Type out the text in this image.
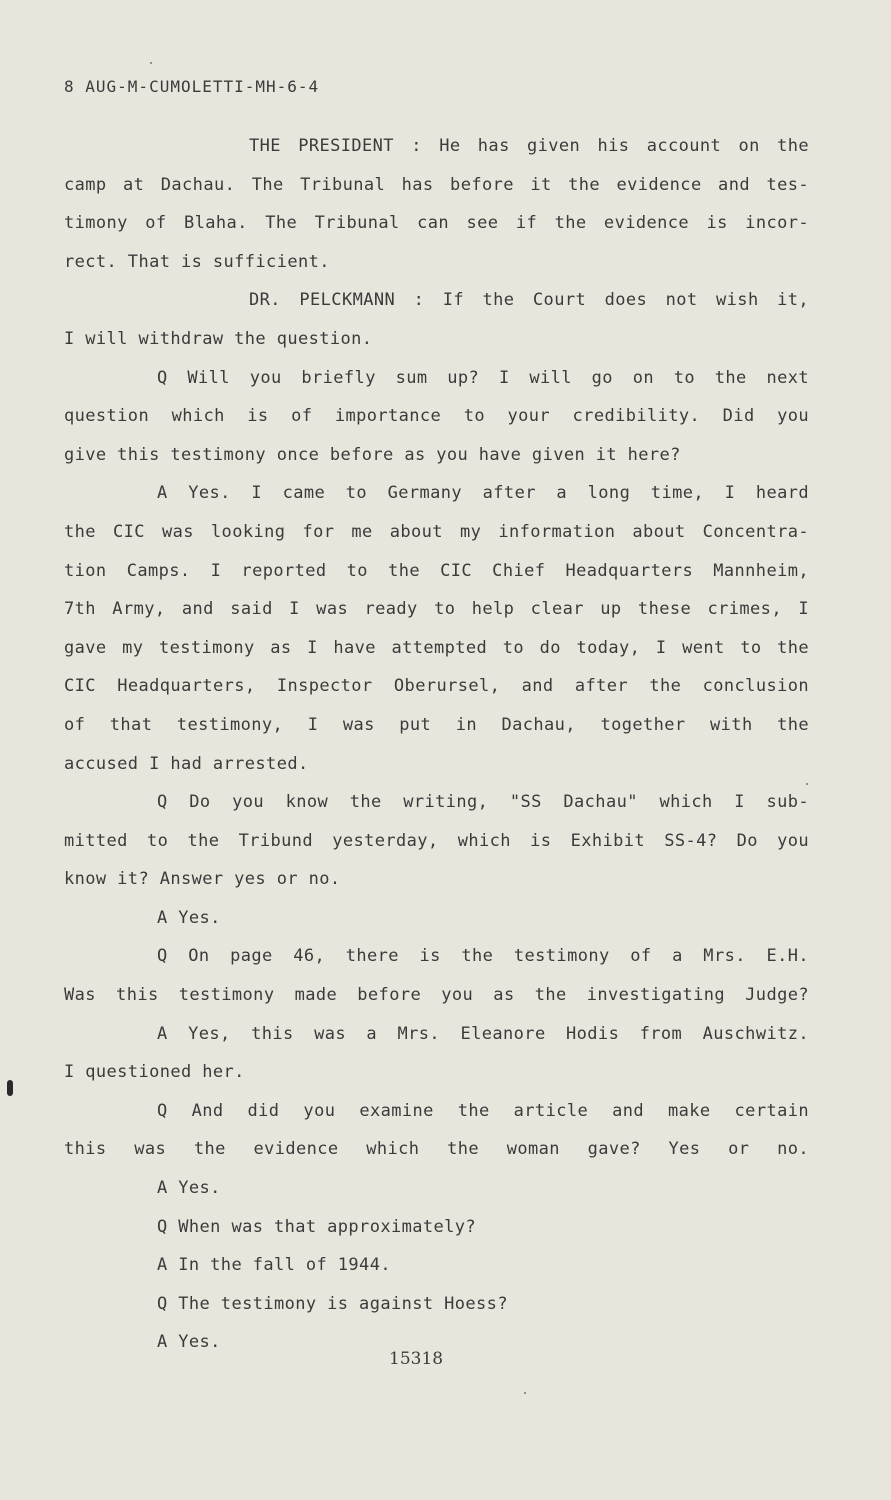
8 AUG-M-CUMOLETTI-MH-6-4
THE PRESIDENT : He has given his account on the
camp at Dachau. The Tribunal has before it the evidence and tes-
timony of Blaha. The Tribunal can see if the evidence is incor-
rect. That is sufficient.
DR. PELCKMANN : If the Court does not wish it,
I will withdraw the question.
Q Will you briefly sum up? I will go on to the next
question which is of importance to your credibility. Did you
give this testimony once before as you have given it here?
A Yes. I came to Germany after a long time, I heard
the CIC was looking for me about my information about Concentra-
tion Camps. I reported to the CIC Chief Headquarters Mannheim,
7th Army, and said I was ready to help clear up these crimes, I
gave my testimony as I have attempted to do today, I went to the
CIC Headquarters, Inspector Oberursel, and after the conclusion
of that testimony, I was put in Dachau, together with the
accused I had arrested.
Q Do you know the writing, "SS Dachau" which I sub-
mitted to the Tribund yesterday, which is Exhibit SS-4? Do you
know it? Answer yes or no.
A Yes.
Q On page 46, there is the testimony of a Mrs. E.H.
Was this testimony made before you as the investigating Judge?
A Yes, this was a Mrs. Eleanore Hodis from Auschwitz.
I questioned her.
Q And did you examine the article and make certain
this was the evidence which the woman gave? Yes or no.
A Yes.
Q When was that approximately?
A In the fall of 1944.
Q The testimony is against Hoess?
A Yes.
15318
